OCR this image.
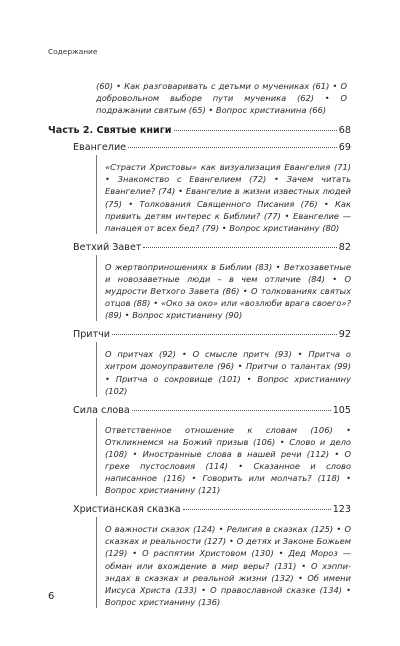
Содержание
(60) • Как разговаривать с детьми о мучениках (61) • О добровольном выборе пути мученика (62) • О подражании святым (65) • Вопрос христианина (66)
Часть 2. Святые книги	68
Евангелие	69
«Страсти Христовы» как визуализация Евангелия (71) • Знакомство с Евангелием (72) • Зачем читать Евангелие? (74) • Евангелие в жизни известных людей (75) • Толкования Священного Писания (76) • Как привить детям интерес к Библии? (77) • Евангелие — панацея от всех бед? (79) • Вопрос христианину (80)
Ветхий Завет	82
О жертвоприношениях в Библии (83) • Ветхозаветные и новозаветные люди – в чем отличие (84) • О мудрости Ветхого Завета (86) • О толкованиях святых отцов (88) • «Око за око» или «возлюби врага своего»? (89) • Вопрос христианину (90)
Притчи	92
О притчах (92) • О смысле притч (93) • Притча о хитром домоуправителе (96) • Притчи о талантах (99) • Притча о сокровище (101) • Вопрос христианину (102)
Сила слова	105
Ответственное отношение к словам (106) • Откликнемся на Божий призыв (106) • Слово и дело (108) • Иностранные слова в нашей речи (112) • О грехе пустословия (114) • Сказанное и слово написанное (116) • Говорить или молчать? (118) • Вопрос христианину (121)
Христианская сказка	123
О важности сказок (124) • Религия в сказках (125) • О сказках и реальности (127) • О детях и Законе Божьем (129) • О распятии Христовом (130) • Дед Мороз — обман или вхождение в мир веры? (131) • О хэппи-эндах в сказках и реальной жизни (132) • Об имени Иисуса Христа (133) • О православной сказке (134) • Вопрос христианину (136)
6
